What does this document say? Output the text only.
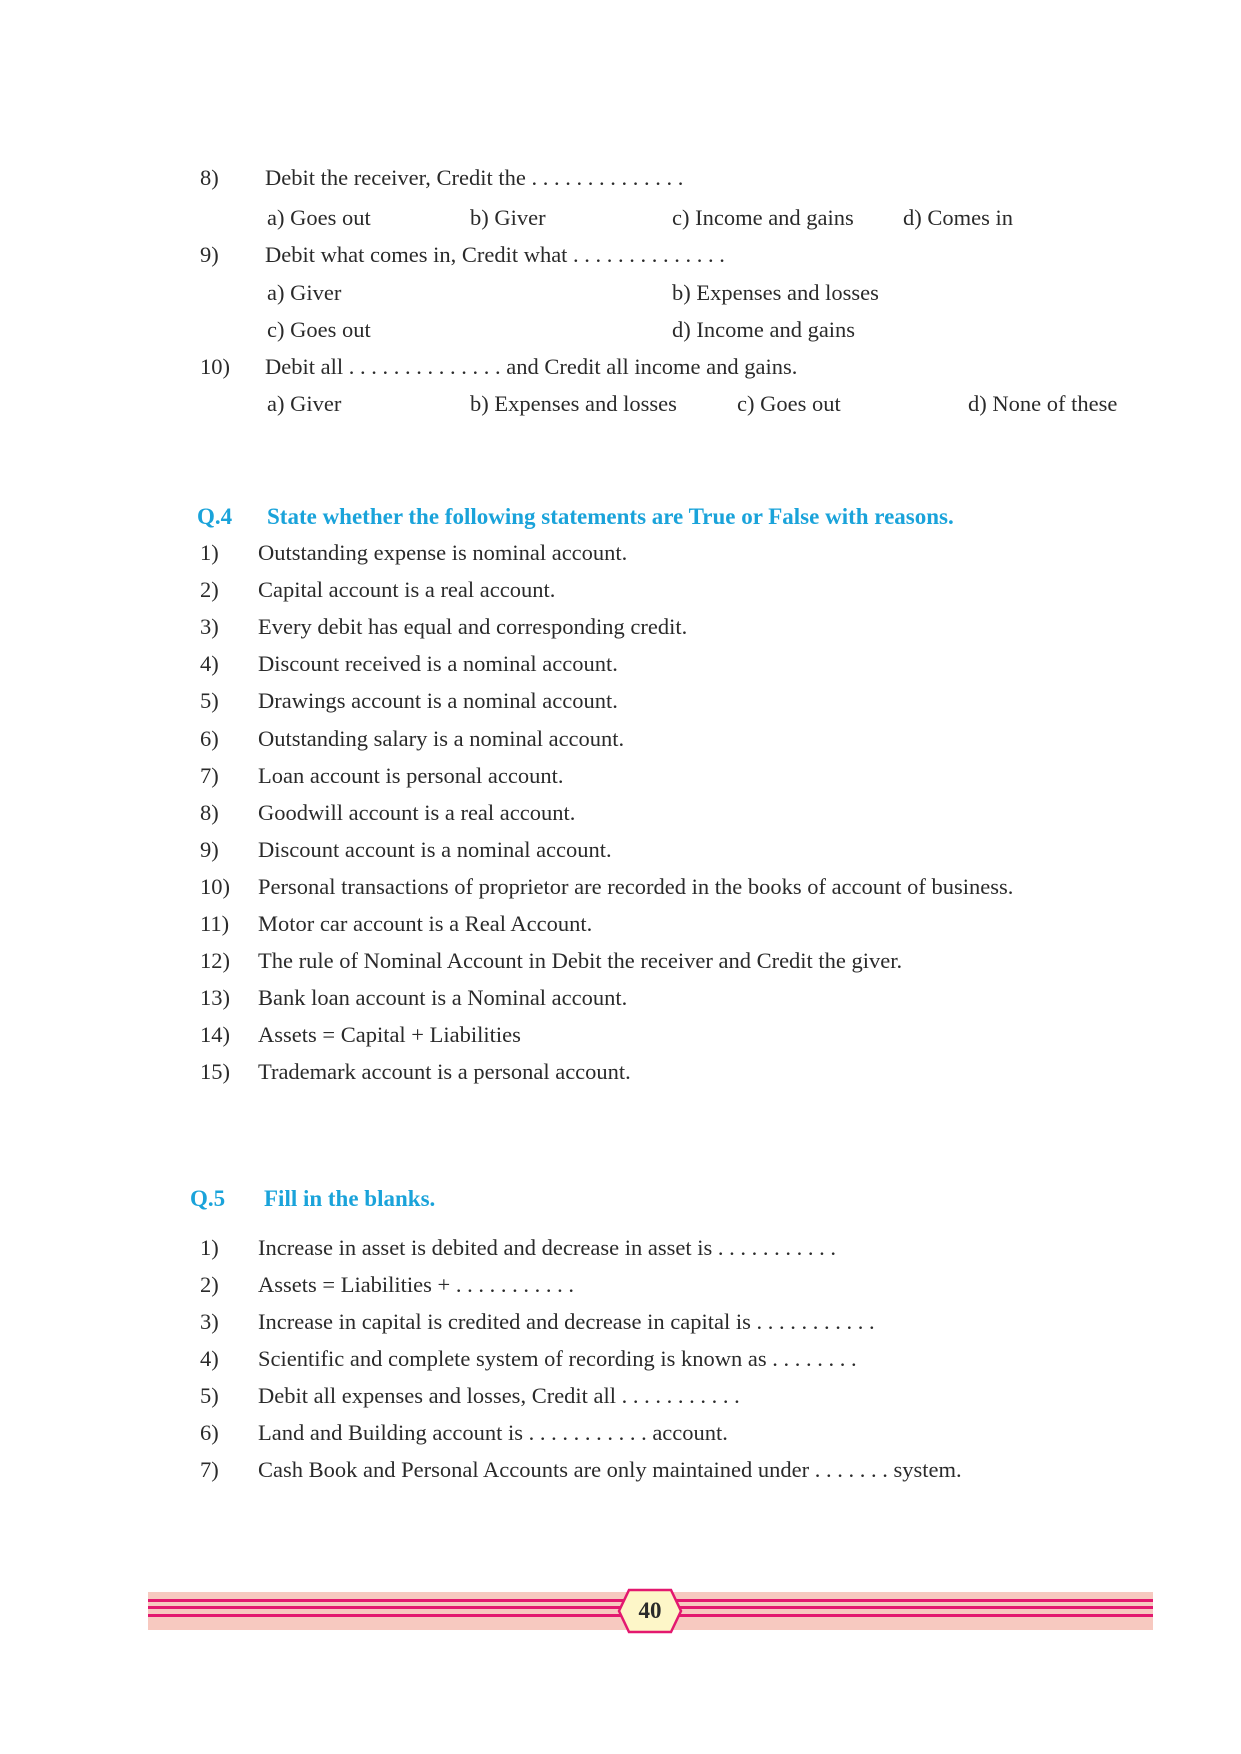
8) Debit the receiver, Credit the . . . . . . . . . . . . . .
a) Goes out	b) Giver	c) Income and gains d) Comes in
9) Debit what comes in, Credit what . . . . . . . . . . . . . .
a) Giver	b) Expenses and losses
c) Goes out	d) Income and gains
10) Debit all . . . . . . . . . . . . . . and Credit all income and gains.
a) Giver	b) Expenses and losses	c) Goes out	d) None of these
Q.4 State whether the following statements are True or False with reasons.
1) Outstanding expense is nominal account.
2) Capital account is a real account.
3) Every debit has equal and corresponding credit.
4) Discount received is a nominal account.
5) Drawings account is a nominal account.
6) Outstanding salary is a nominal account.
7) Loan account is personal account.
8) Goodwill account is a real account.
9) Discount account is a nominal account.
10) Personal transactions of proprietor are recorded in the books of account of business.
11) Motor car account is a Real Account.
12) The rule of Nominal Account in Debit the receiver and Credit the giver.
13) Bank loan account is a Nominal account.
14) Assets = Capital + Liabilities
15) Trademark account is a personal account.
Q.5 Fill in the blanks.
1) Increase in asset is debited and decrease in asset is . . . . . . . . . . .
2) Assets = Liabilities + . . . . . . . . . . .
3) Increase in capital is credited and decrease in capital is . . . . . . . . . . .
4) Scientific and complete system of recording is known as . . . . . . . .
5) Debit all expenses and losses, Credit all . . . . . . . . . . .
6) Land and Building account is . . . . . . . . . . . account.
7) Cash Book and Personal Accounts are only maintained under . . . . . . . system.
40
